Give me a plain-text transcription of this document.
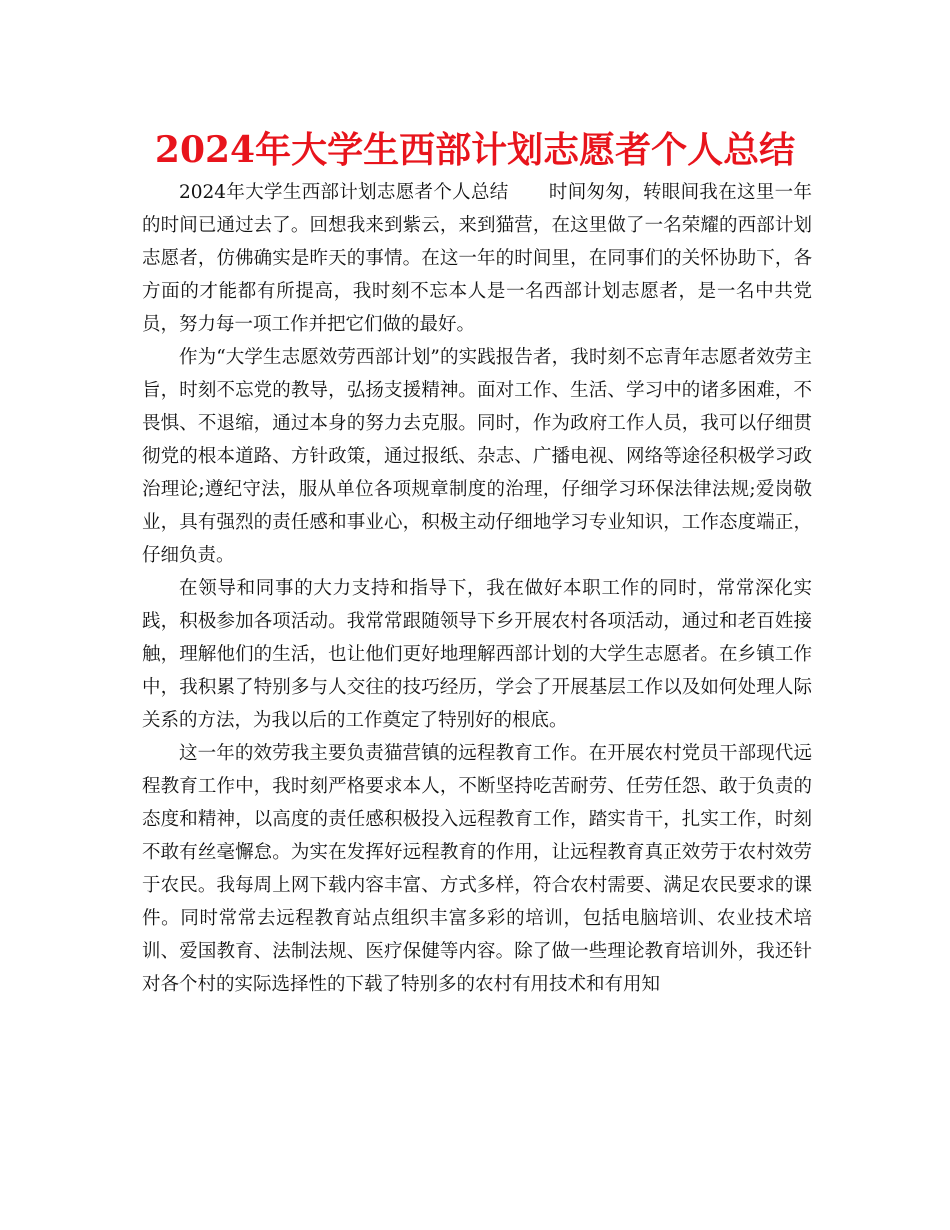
2024年大学生西部计划志愿者个人总结

2024年大学生西部计划志愿者个人总结 时间匆匆，转眼间我在这里一年的时间已通过去了。回想我来到紫云，来到猫营，在这里做了一名荣耀的西部计划志愿者，仿佛确实是昨天的事情。在这一年的时间里，在同事们的关怀协助下，各方面的才能都有所提高，我时刻不忘本人是一名西部计划志愿者，是一名中共党员，努力每一项工作并把它们做的最好。

作为“大学生志愿效劳西部计划”的实践报告者，我时刻不忘青年志愿者效劳主旨，时刻不忘党的教导，弘扬支援精神。面对工作、生活、学习中的诸多困难，不畏惧、不退缩，通过本身的努力去克服。同时，作为政府工作人员，我可以仔细贯彻党的根本道路、方针政策，通过报纸、杂志、广播电视、网络等途径积极学习政治理论;遵纪守法，服从单位各项规章制度的治理，仔细学习环保法律法规;爱岗敬业，具有强烈的责任感和事业心，积极主动仔细地学习专业知识，工作态度端正，仔细负责。

在领导和同事的大力支持和指导下，我在做好本职工作的同时，常常深化实践，积极参加各项活动。我常常跟随领导下乡开展农村各项活动，通过和老百姓接触，理解他们的生活，也让他们更好地理解西部计划的大学生志愿者。在乡镇工作中，我积累了特别多与人交往的技巧经历，学会了开展基层工作以及如何处理人际关系的方法，为我以后的工作奠定了特别好的根底。

这一年的效劳我主要负责猫营镇的远程教育工作。在开展农村党员干部现代远程教育工作中，我时刻严格要求本人，不断坚持吃苦耐劳、任劳任怨、敢于负责的态度和精神，以高度的责任感积极投入远程教育工作，踏实肯干，扎实工作，时刻不敢有丝毫懈怠。为实在发挥好远程教育的作用，让远程教育真正效劳于农村效劳于农民。我每周上网下载内容丰富、方式多样，符合农村需要、满足农民要求的课件。同时常常去远程教育站点组织丰富多彩的培训，包括电脑培训、农业技术培训、爱国教育、法制法规、医疗保健等内容。除了做一些理论教育培训外，我还针对各个村的实际选择性的下载了特别多的农村有用技术和有用知
